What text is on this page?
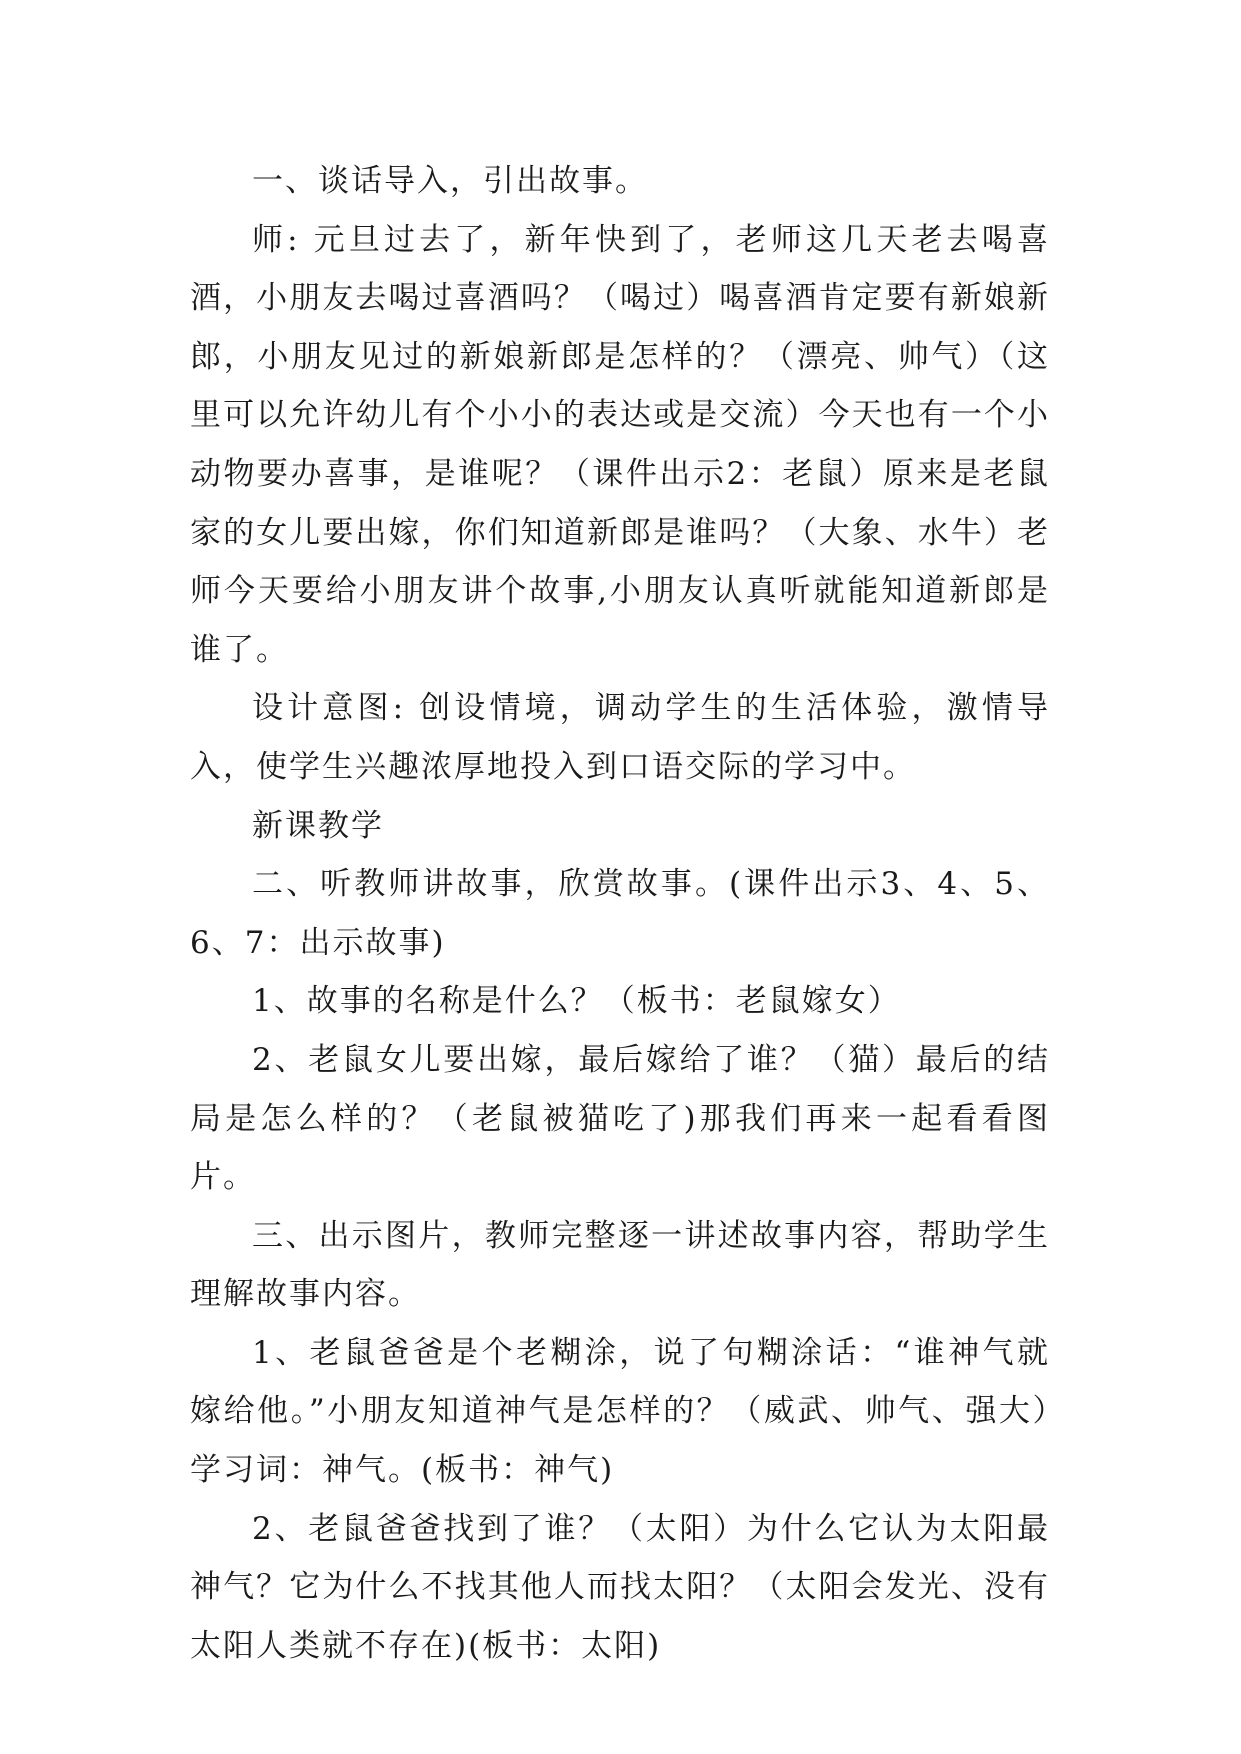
一、谈话导入，引出故事。

师: 元旦过去了，新年快到了，老师这几天老去喝喜酒，小朋友去喝过喜酒吗？（喝过）喝喜酒肯定要有新娘新郎，小朋友见过的新娘新郎是怎样的？（漂亮、帅气）（这里可以允许幼儿有个小小的表达或是交流）今天也有一个小动物要办喜事，是谁呢？（课件出示2：老鼠）原来是老鼠家的女儿要出嫁，你们知道新郎是谁吗？（大象、水牛）老师今天要给小朋友讲个故事,小朋友认真听就能知道新郎是谁了。

设计意图: 创设情境，调动学生的生活体验，激情导入，使学生兴趣浓厚地投入到口语交际的学习中。

新课教学

二、听教师讲故事，欣赏故事。(课件出示3、4、5、6、7：出示故事)

1、故事的名称是什么？（板书：老鼠嫁女）

2、老鼠女儿要出嫁，最后嫁给了谁？（猫）最后的结局是怎么样的？（老鼠被猫吃了)那我们再来一起看看图片。

三、出示图片，教师完整逐一讲述故事内容，帮助学生理解故事内容。

1、老鼠爸爸是个老糊涂，说了句糊涂话：“谁神气就嫁给他。”小朋友知道神气是怎样的？（威武、帅气、强大）学习词：神气。(板书：神气)

2、老鼠爸爸找到了谁？（太阳）为什么它认为太阳最神气？它为什么不找其他人而找太阳？（太阳会发光、没有太阳人类就不存在)(板书：太阳)
